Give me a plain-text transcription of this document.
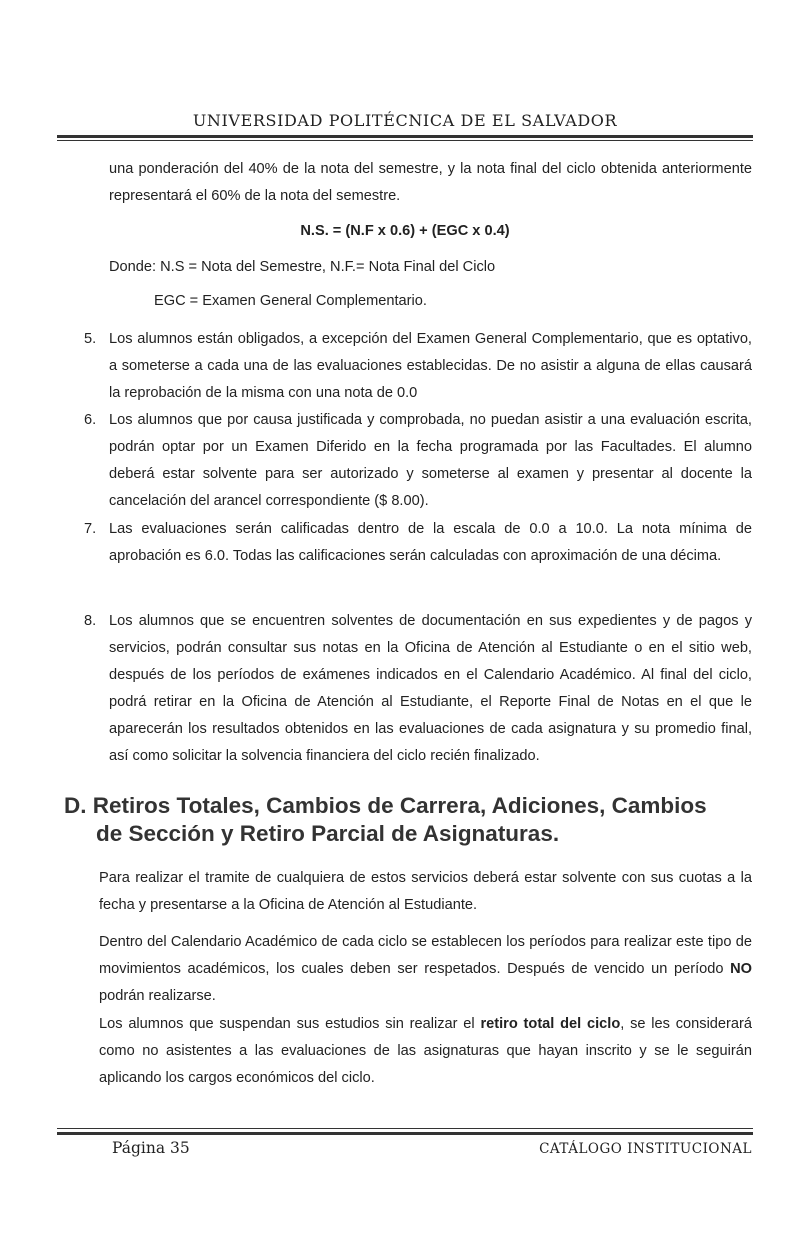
UNIVERSIDAD POLITÉCNICA DE EL SALVADOR
una ponderación del 40% de la nota del semestre, y la nota final del ciclo obtenida anteriormente representará el 60% de la nota del semestre.
N.S. = (N.F x 0.6) + (EGC x 0.4)
Donde: N.S = Nota del Semestre, N.F.= Nota Final del Ciclo
EGC = Examen General Complementario.
5. Los alumnos están obligados, a excepción del Examen General Complementario, que es optativo, a someterse a cada una de las evaluaciones establecidas. De no asistir a alguna de ellas causará la reprobación de la misma con una nota de 0.0
6. Los alumnos que por causa justificada y comprobada, no puedan asistir a una evaluación escrita, podrán optar por un Examen Diferido en la fecha programada por las Facultades. El alumno deberá estar solvente para ser autorizado y someterse al examen y presentar al docente la cancelación del arancel correspondiente ($ 8.00).
7. Las evaluaciones serán calificadas dentro de la escala de 0.0 a 10.0. La nota mínima de aprobación es 6.0. Todas las calificaciones serán calculadas con aproximación de una décima.
8. Los alumnos que se encuentren solventes de documentación en sus expedientes y de pagos y servicios, podrán consultar sus notas en la Oficina de Atención al Estudiante o en el sitio web, después de los períodos de exámenes indicados en el Calendario Académico. Al final del ciclo, podrá retirar en la Oficina de Atención al Estudiante, el Reporte Final de Notas en el que le aparecerán los resultados obtenidos en las evaluaciones de cada asignatura y su promedio final, así como solicitar la solvencia financiera del ciclo recién finalizado.
D. Retiros Totales, Cambios de Carrera, Adiciones, Cambios
de Sección y Retiro Parcial de Asignaturas.
Para realizar el tramite de cualquiera de estos servicios deberá estar solvente con sus cuotas a la fecha y presentarse a la Oficina de Atención al Estudiante.
Dentro del Calendario Académico de cada ciclo se establecen los períodos para realizar este tipo de movimientos académicos, los cuales deben ser respetados. Después de vencido un período NO podrán realizarse.
Los alumnos que suspendan sus estudios sin realizar el retiro total del ciclo, se les considerará como no asistentes a las evaluaciones de las asignaturas que hayan inscrito y se le seguirán aplicando los cargos económicos del ciclo.
Página 35	CATÁLOGO INSTITUCIONAL
